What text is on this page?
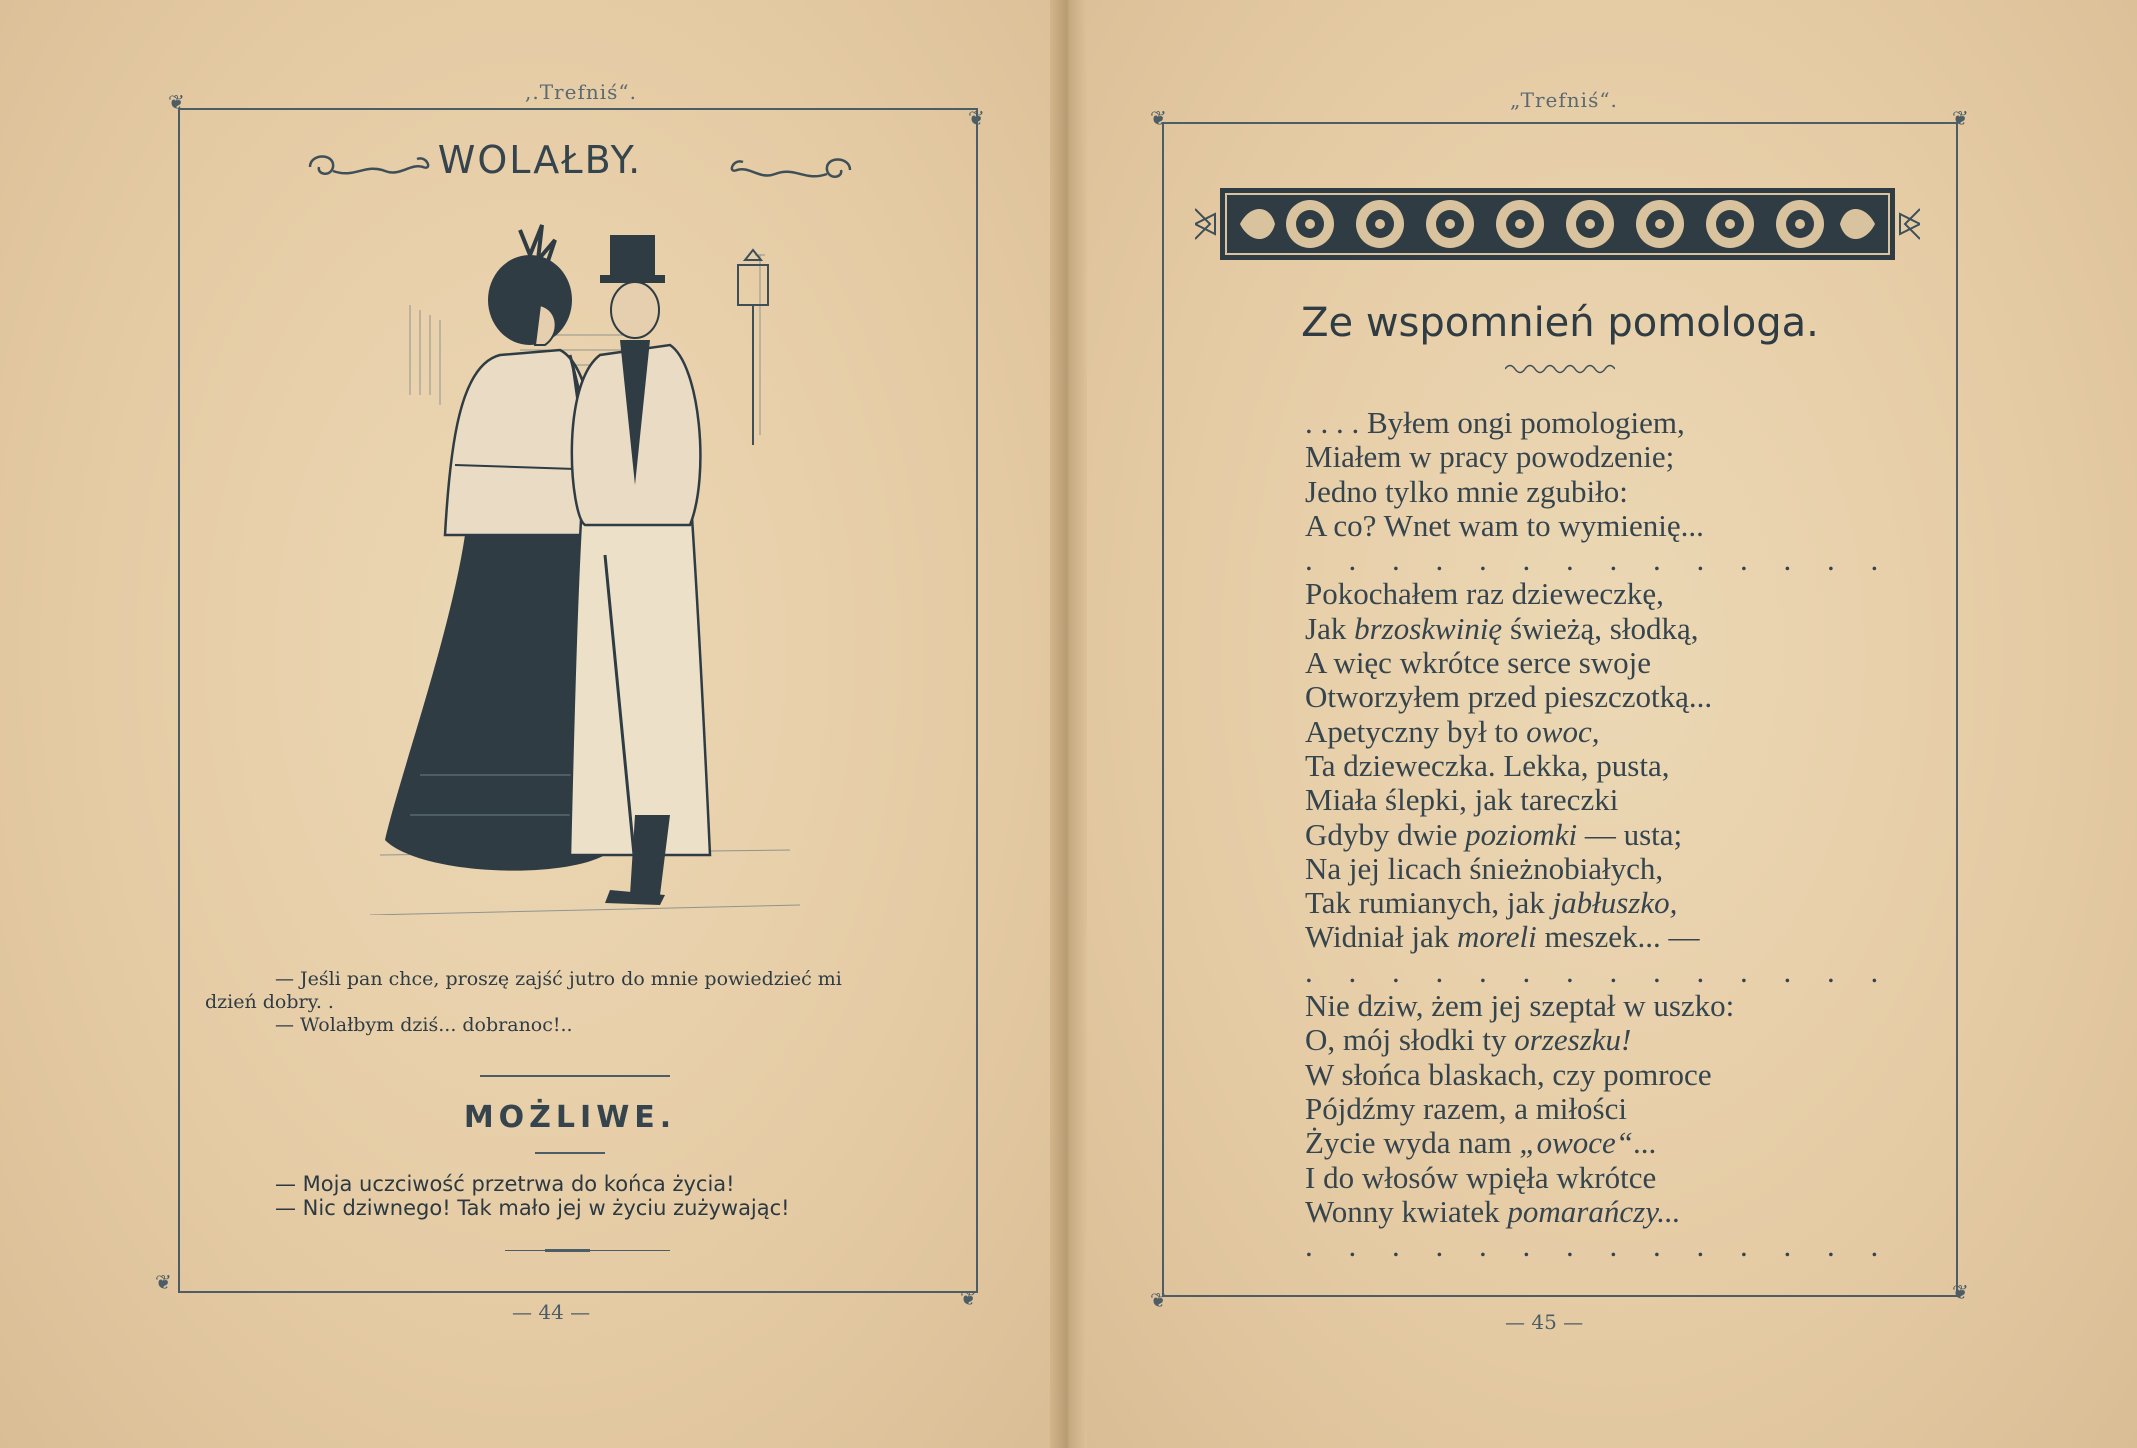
,.Trefniś“.
❦
❦
❦
❦
WOLAŁBY.
— Jeśli pan chce, proszę zajść jutro do mnie powiedzieć mi
dzień dobry. .
— Wolałbym dziś... dobranoc!..
MOŻLIWE.
— Moja uczciwość przetrwa do końca życia!
— Nic dziwnego! Tak mało jej w życiu zużywając!
— 44 —
„Trefniś“.
❦	❦
❦	❦
Ze wspomnień pomologa.
. . . . Byłem ongi pomologiem,
Miałem w pracy powodzenie;
Jedno tylko mnie zgubiło:
A co? Wnet wam to wymienię...
. . . . . . . . . . . . . .
Pokochałem raz dzieweczkę,
Jak brzoskwinię świeżą, słodką,
A więc wkrótce serce swoje
Otworzyłem przed pieszczotką...
Apetyczny był to owoc,
Ta dzieweczka. Lekka, pusta,
Miała ślepki, jak tareczki
Gdyby dwie poziomki — usta;
Na jej licach śnieżnobiałych,
Tak rumianych, jak jabłuszko,
Widniał jak moreli meszek... —
. . . . . . . . . . . . . .
Nie dziw, żem jej szeptał w uszko:
O, mój słodki ty orzeszku!
W słońca blaskach, czy pomroce
Pójdźmy razem, a miłości
Życie wyda nam „owoce“...
I do włosów wpięła wkrótce
Wonny kwiatek pomarańczy...
. . . . . . . . . . . . . .
— 45 —
